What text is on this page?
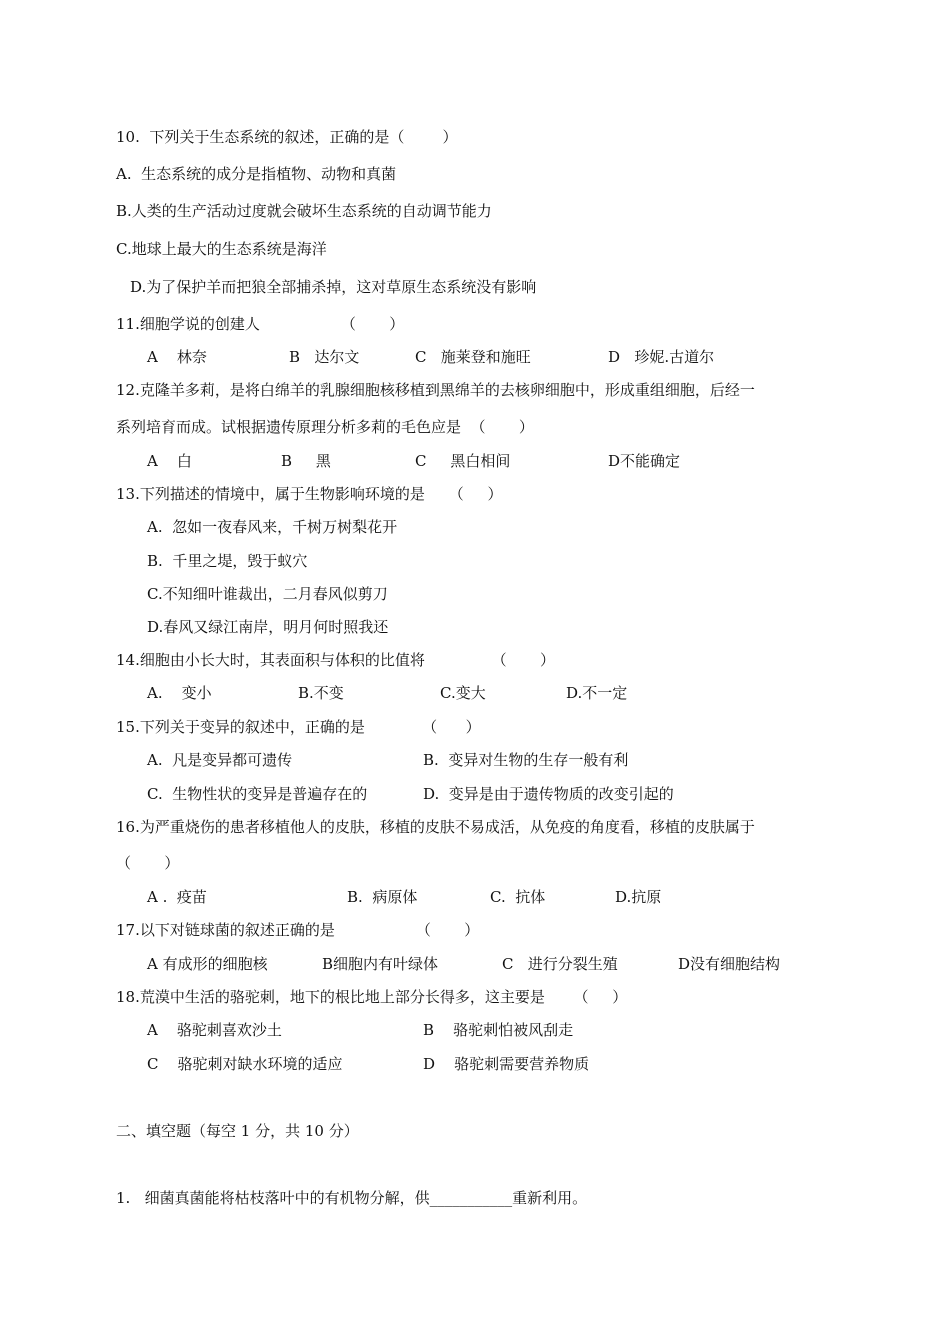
10.  下列关于生态系统的叙述，正确的是（        ）
A.  生态系统的成分是指植物、动物和真菌
B.人类的生产活动过度就会破坏生态系统的自动调节能力
C.地球上最大的生态系统是海洋
D.为了保护羊而把狼全部捕杀掉，这对草原生态系统没有影响
11.细胞学说的创建人                 （       ）
A    林奈	B   达尔文	C   施莱登和施旺	D   珍妮.古道尔
12.克隆羊多莉，是将白绵羊的乳腺细胞核移植到黑绵羊的去核卵细胞中，形成重组细胞，后经一
系列培育而成。试根据遗传原理分析多莉的毛色应是  （       ）
A    白	B     黑	C     黑白相间	D不能确定
13.下列描述的情境中，属于生物影响环境的是     （     ）
A.  忽如一夜春风来，千树万树梨花开
B.  千里之堤，毁于蚁穴
C.不知细叶谁裁出，二月春风似剪刀
D.春风又绿江南岸，明月何时照我还
14.细胞由小长大时，其表面积与体积的比值将              （       ）
A.    变小	B.不变	C.变大	D.不一定
15.下列关于变异的叙述中，正确的是            （      ）
A.  凡是变异都可遗传	B.  变异对生物的生存一般有利
C.  生物性状的变异是普遍存在的	D.  变异是由于遗传物质的改变引起的
16.为严重烧伤的患者移植他人的皮肤，移植的皮肤不易成活，从免疫的角度看，移植的皮肤属于
（       ）
A .  疫苗	B.  病原体	C.  抗体	D.抗原
17.以下对链球菌的叙述正确的是                 （       ）
A 有成形的细胞核	B细胞内有叶绿体	C   进行分裂生殖	D没有细胞结构
18.荒漠中生活的骆驼刺，地下的根比地上部分长得多，这主要是      （     ）
A    骆驼刺喜欢沙土	B    骆驼刺怕被风刮走
C    骆驼刺对缺水环境的适应	D    骆驼刺需要营养物质
二、填空题（每空 1 分，共 10 分）
1.   细菌真菌能将枯枝落叶中的有机物分解，供___________重新利用。
